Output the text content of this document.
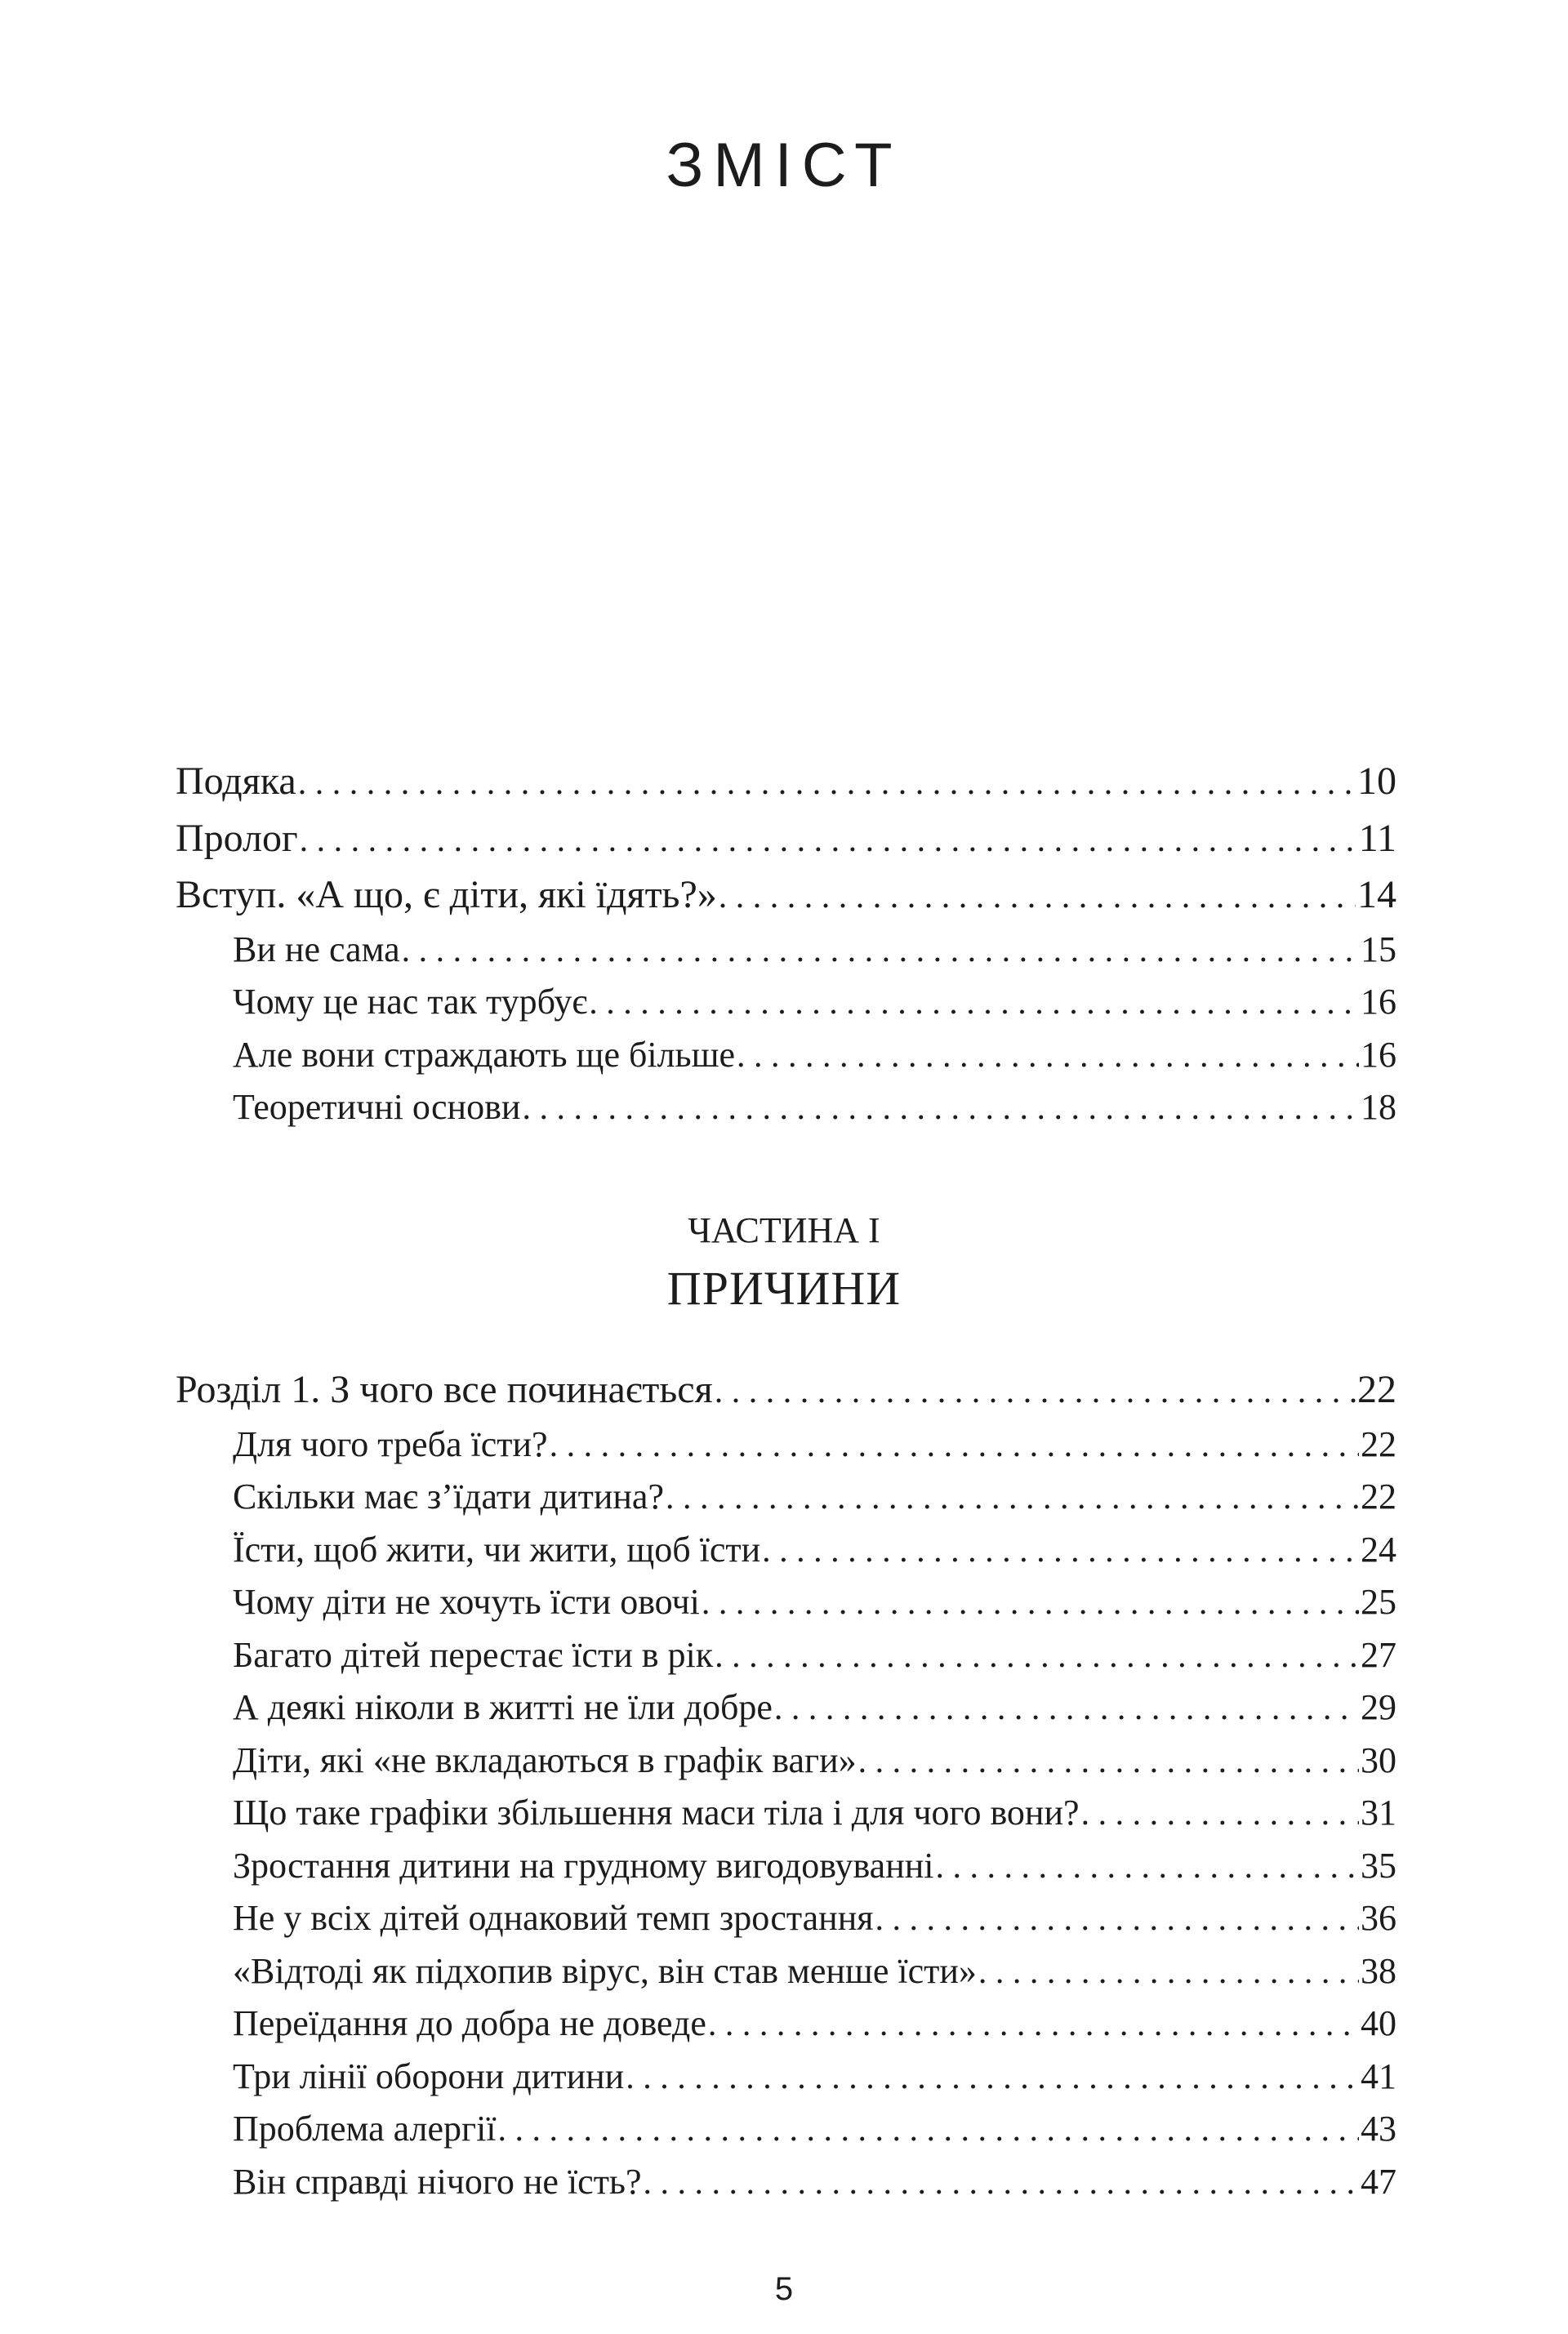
ЗМІСТ
Подяка . . .	10
Пролог . . .	11
Вступ. «А що, є діти, які їдять?» . . .	14
Ви не сама . . .	15
Чому це нас так турбує . . .	16
Але вони страждають ще більше . . .	16
Теоретичні основи . . .	18
ЧАСТИНА І
ПРИЧИНИ
Розділ 1. З чого все починається . . .	22
Для чого треба їсти? . . .	22
Скільки має з’їдати дитина? . . .	22
Їсти, щоб жити, чи жити, щоб їсти . . .	24
Чому діти не хочуть їсти овочі . . .	25
Багато дітей перестає їсти в рік . . .	27
А деякі ніколи в житті не їли добре . . .	29
Діти, які «не вкладаються в графік ваги» . . .	30
Що таке графіки збільшення маси тіла і для чого вони? . . .	31
Зростання дитини на грудному вигодовуванні . . .	35
Не у всіх дітей однаковий темп зростання . . .	36
«Відтоді як підхопив вірус, він став менше їсти» . . .	38
Переїдання до добра не доведе . . .	40
Три лінії оборони дитини . . .	41
Проблема алергії . . .	43
Він справді нічого не їсть? . . .	47
5
